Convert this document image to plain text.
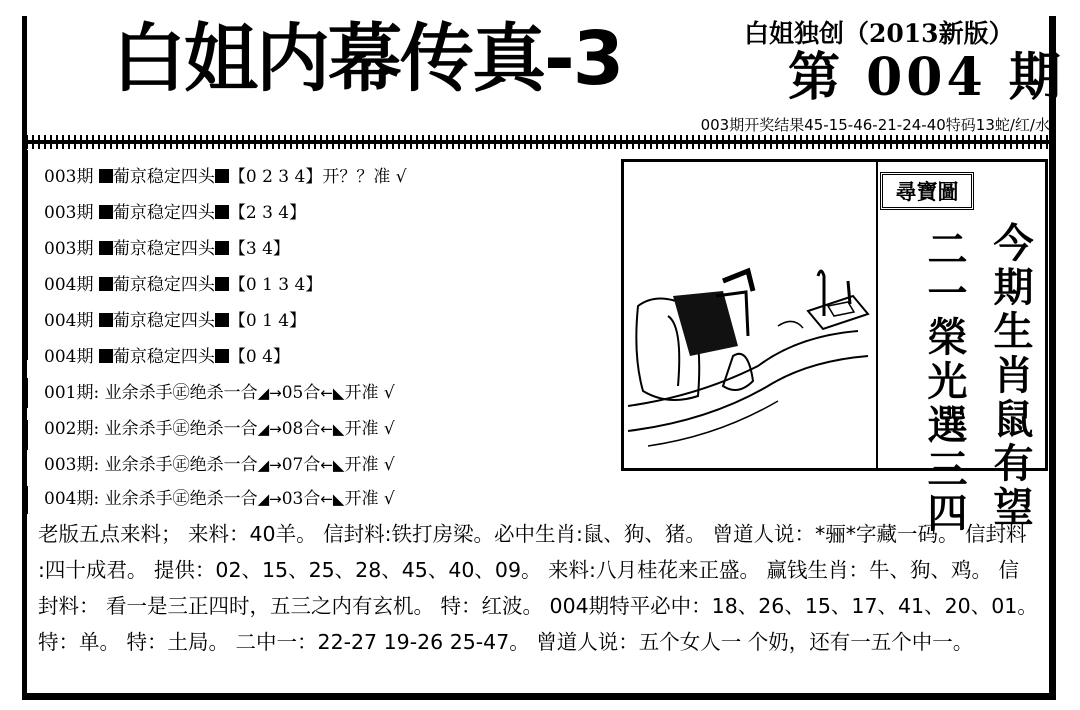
白姐内幕传真-3	白姐独创（2013新版）
第 004 期
003期开奖结果45-15-46-21-24-40特码13蛇/红/水
003期 葡京稳定四头 【0 2 3 4】开？？准 √
003期 葡京稳定四头 【2 3 4】
003期 葡京稳定四头 【3 4】
004期 葡京稳定四头 【0 1 3 4】
004期 葡京稳定四头 【0 1 4】
004期 葡京稳定四头 【0 4】
001期: 业余杀手㊣绝杀一合◢→05合←◣开准 √
002期: 业余杀手㊣绝杀一合◢→08合←◣开准 √
003期: 业余杀手㊣绝杀一合◢→07合←◣开准 √
004期: 业余杀手㊣绝杀一合◢→03合←◣开准 √
尋寶圖
今期生肖鼠有望
二一榮光選三四
老版五点来料； 来料：40羊。 信封料:铁打房梁。必中生肖:鼠、狗、猪。 曾道人说：*骊*字藏一码。 信封料 :四十成君。 提供：02、15、25、28、45、40、09。 来料:八月桂花来正盛。 赢钱生肖：牛、狗、鸡。 信封料： 看一是三正四时，五三之内有玄机。 特：红波。 004期特平必中：18、26、15、17、41、20、01。 特：单。 特：土局。 二中一：22-27 19-26 25-47。 曾道人说：五个女人一 个奶，还有一五个中一。
